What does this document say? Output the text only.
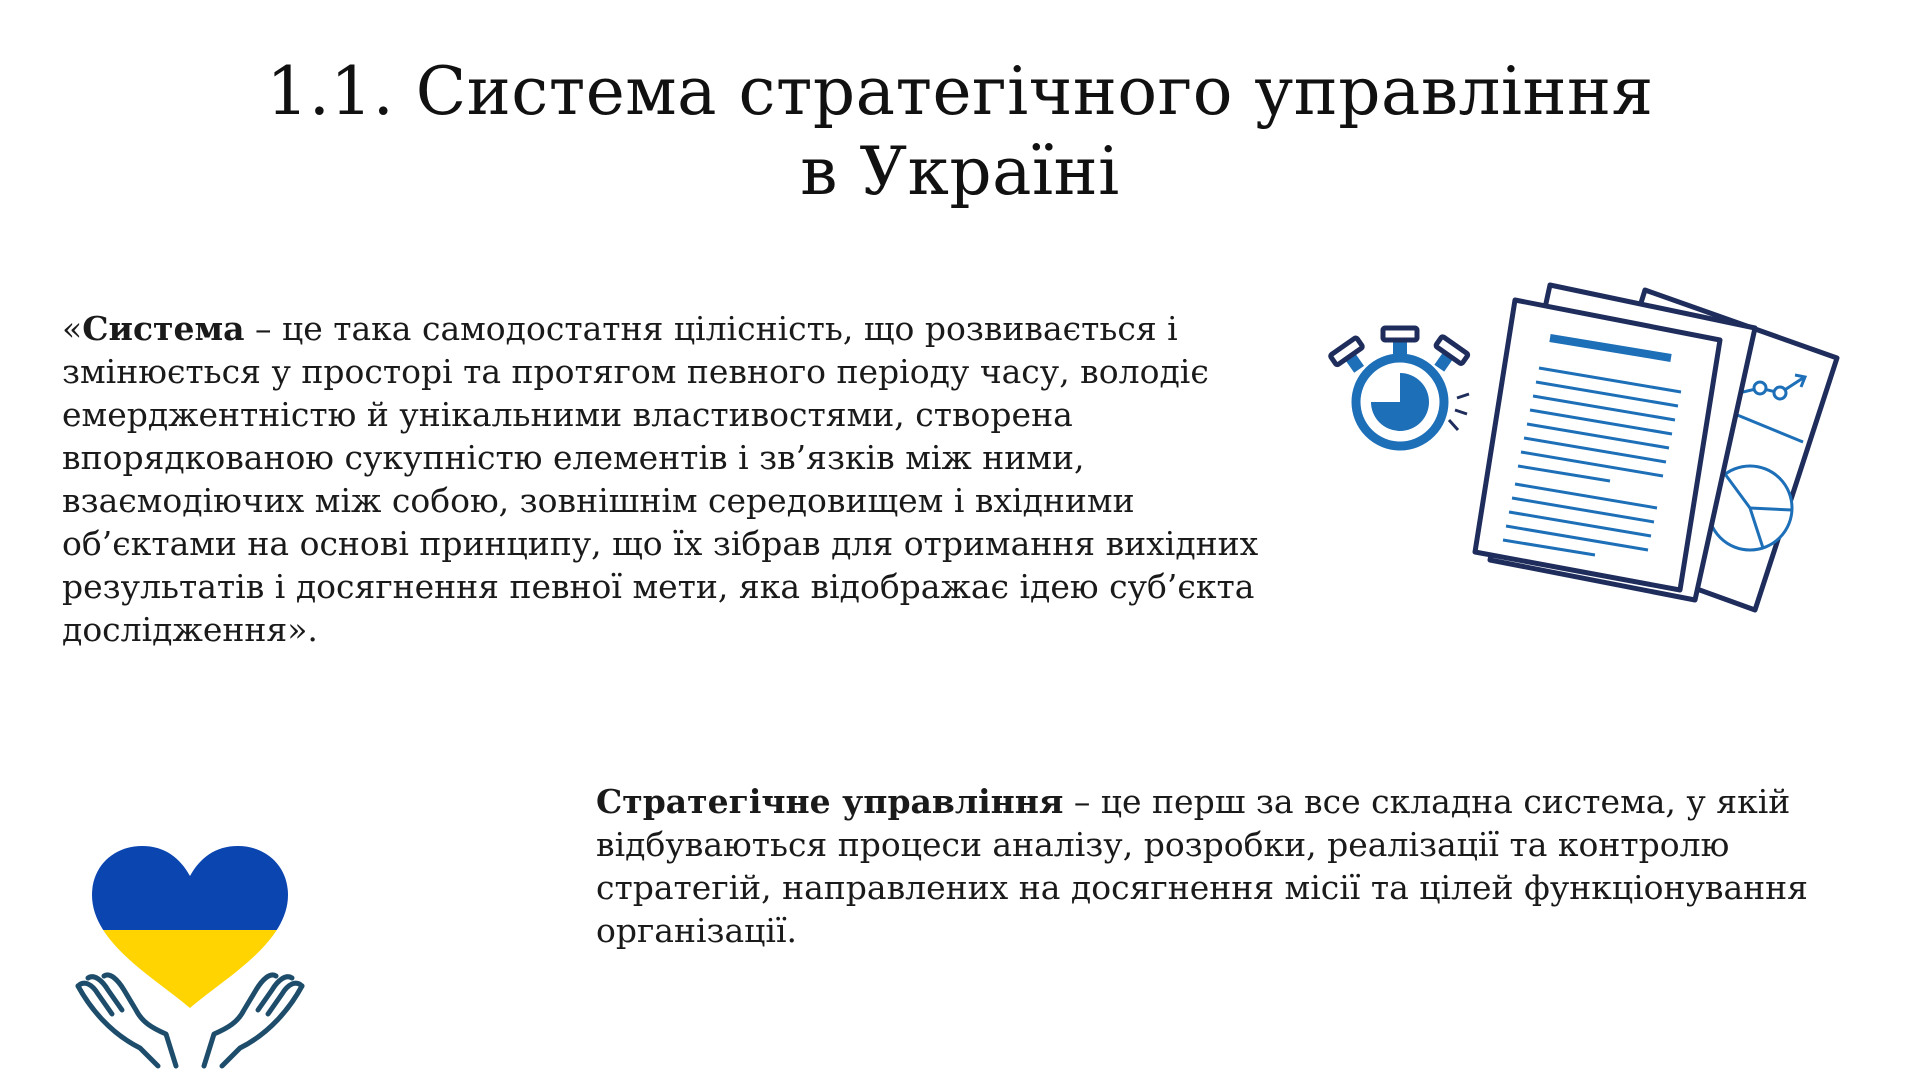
1.1. Система стратегічного управління в Україні

«Система – це така самодостатня цілісність, що розвивається і змінюється у просторі та протягом певного періоду часу, володіє емерджентністю й унікальними властивостями, створена впорядкованою сукупністю елементів і зв’язків між ними, взаємодіючих між собою, зовнішнім середовищем і вхідними об’єктами на основі принципу, що їх зібрав для отримання вихідних результатів і досягнення певної мети, яка відображає ідею суб’єкта дослідження».

Стратегічне управління – це перш за все складна система, у якій відбуваються процеси аналізу, розробки, реалізації та контролю стратегій, направлених на досягнення місії та цілей функціонування організації.
